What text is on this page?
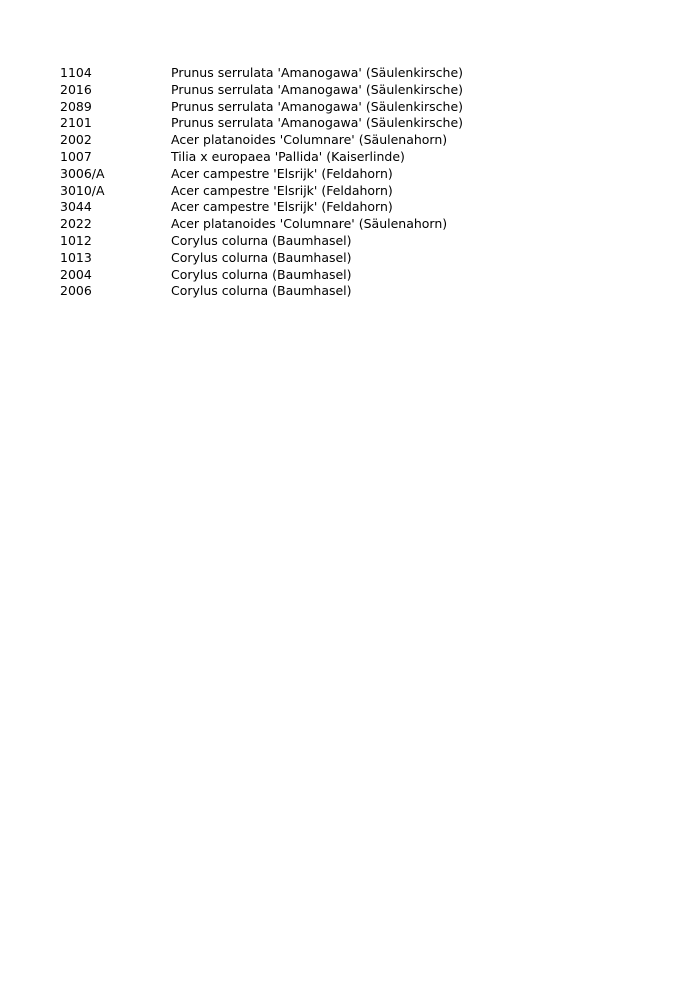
1104	Prunus serrulata 'Amanogawa' (Säulenkirsche)
2016	Prunus serrulata 'Amanogawa' (Säulenkirsche)
2089	Prunus serrulata 'Amanogawa' (Säulenkirsche)
2101	Prunus serrulata 'Amanogawa' (Säulenkirsche)
2002	Acer platanoides 'Columnare' (Säulenahorn)
1007	Tilia x europaea 'Pallida' (Kaiserlinde)
3006/A	Acer campestre 'Elsrijk' (Feldahorn)
3010/A	Acer campestre 'Elsrijk' (Feldahorn)
3044	Acer campestre 'Elsrijk' (Feldahorn)
2022	Acer platanoides 'Columnare' (Säulenahorn)
1012	Corylus colurna (Baumhasel)
1013	Corylus colurna (Baumhasel)
2004	Corylus colurna (Baumhasel)
2006	Corylus colurna (Baumhasel)
